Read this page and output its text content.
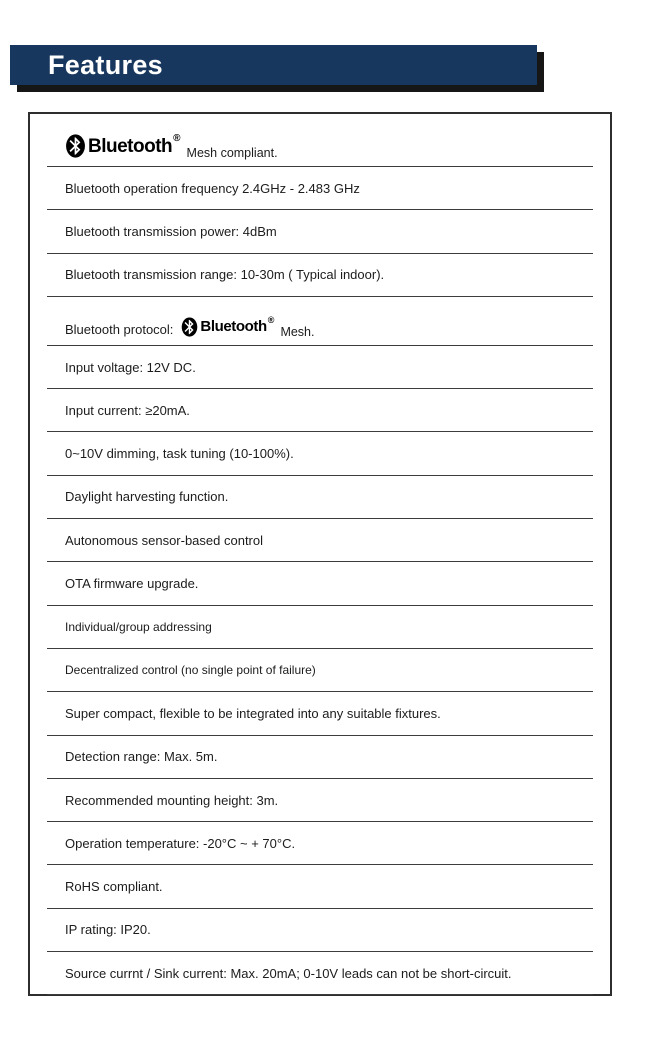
Features
Bluetooth ®
Mesh compliant.
Bluetooth operation frequency 2.4GHz - 2.483 GHz
Bluetooth transmission power: 4dBm
Bluetooth transmission range: 10-30m ( Typical indoor).
Bluetooth protocol: Bluetooth ®
Mesh.
Input voltage: 12V DC.
Input current: ≥20mA.
0~10V dimming, task tuning (10-100%).
Daylight harvesting function.
Autonomous sensor-based control
OTA firmware upgrade.
Individual/group addressing
Decentralized control (no single point of failure)
Super compact, flexible to be integrated into any suitable fixtures.
Detection range: Max. 5m.
Recommended mounting height: 3m.
Operation temperature: -20°C ~ + 70°C.
RoHS compliant.
IP rating: IP20.
Source currnt / Sink current: Max. 20mA; 0-10V leads can not be short-circuit.
